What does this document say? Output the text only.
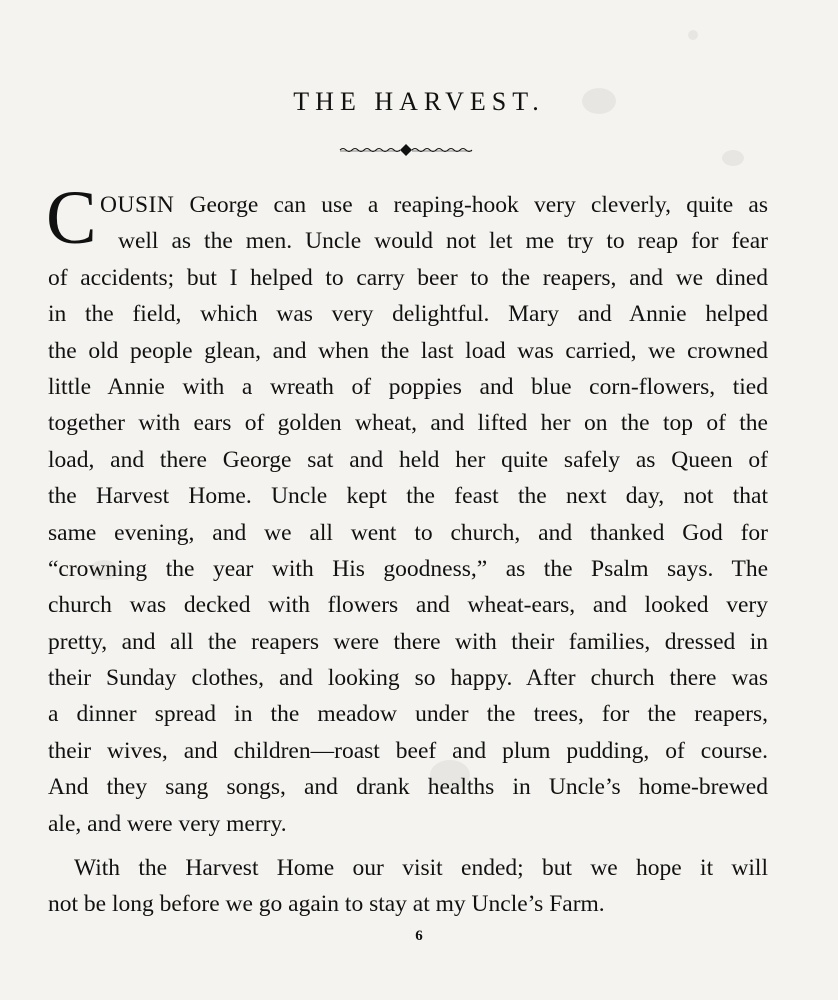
THE HARVEST.
C OUSIN George can use a reaping-hook very cleverly, quite as
well as the men. Uncle would not let me try to reap for fear
of accidents; but I helped to carry beer to the reapers, and we dined
in the field, which was very delightful. Mary and Annie helped
the old people glean, and when the last load was carried, we crowned
little Annie with a wreath of poppies and blue corn-flowers, tied
together with ears of golden wheat, and lifted her on the top of the
load, and there George sat and held her quite safely as Queen of
the Harvest Home. Uncle kept the feast the next day, not that
same evening, and we all went to church, and thanked God for
“crowning the year with His goodness,” as the Psalm says. The
church was decked with flowers and wheat-ears, and looked very
pretty, and all the reapers were there with their families, dressed in
their Sunday clothes, and looking so happy. After church there was
a dinner spread in the meadow under the trees, for the reapers,
their wives, and children—roast beef and plum pudding, of course.
And they sang songs, and drank healths in Uncle’s home-brewed
ale, and were very merry.
With the Harvest Home our visit ended; but we hope it will
not be long before we go again to stay at my Uncle’s Farm.
6
